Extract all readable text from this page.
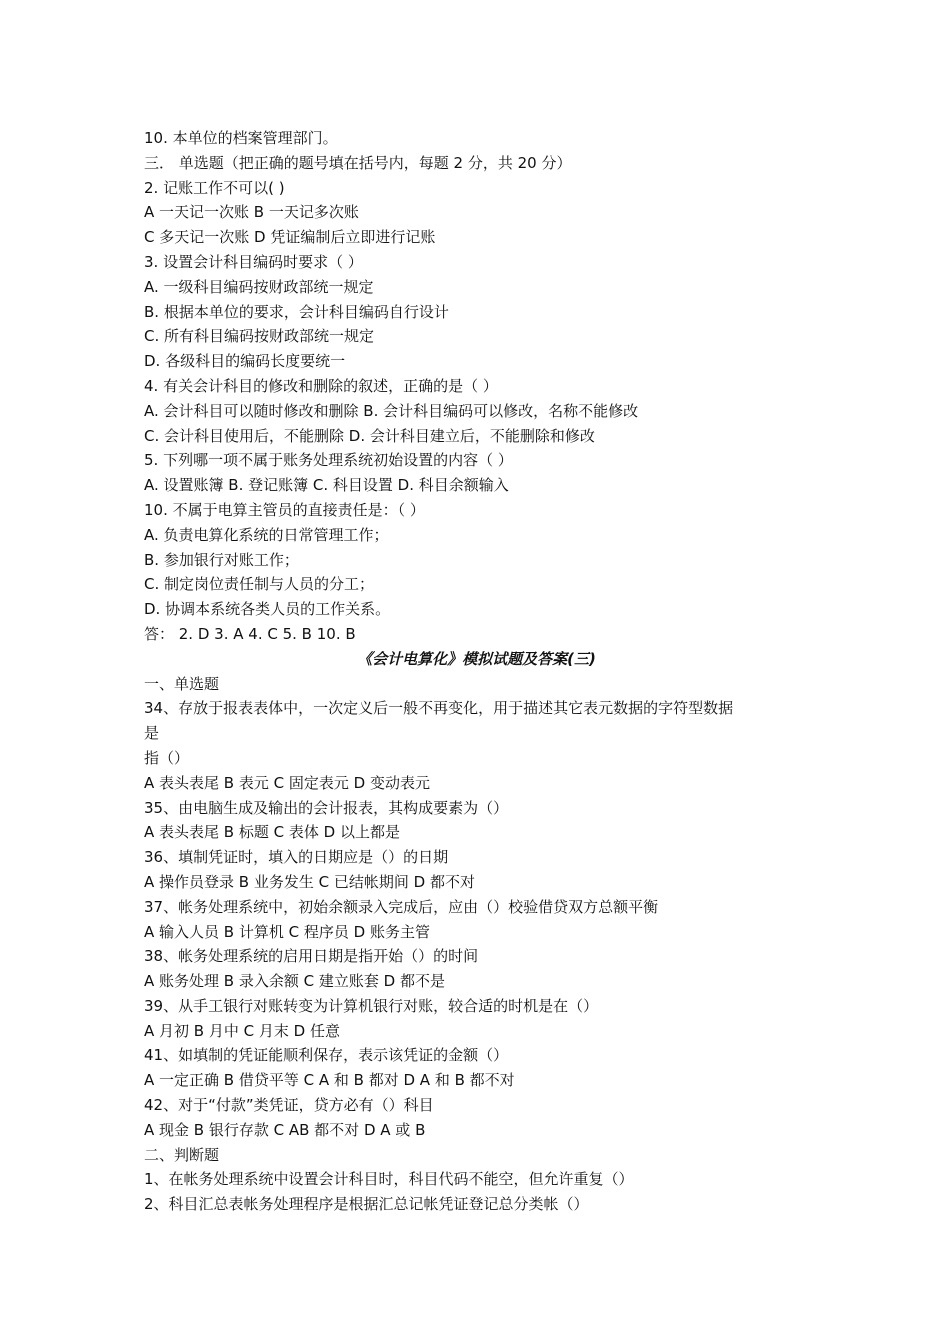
10. 本单位的档案管理部门。
三． 单选题（把正确的题号填在括号内，每题 2 分，共 20 分）
2. 记账工作不可以( )
A 一天记一次账 B 一天记多次账
C 多天记一次账 D 凭证编制后立即进行记账
3. 设置会计科目编码时要求（ ）
A. 一级科目编码按财政部统一规定
B. 根据本单位的要求，会计科目编码自行设计
C. 所有科目编码按财政部统一规定
D. 各级科目的编码长度要统一
4. 有关会计科目的修改和删除的叙述，正确的是（ ）
A. 会计科目可以随时修改和删除 B. 会计科目编码可以修改，名称不能修改
C. 会计科目使用后，不能删除 D. 会计科目建立后，不能删除和修改
5. 下列哪一项不属于账务处理系统初始设置的内容（ ）
A. 设置账簿 B. 登记账簿 C. 科目设置 D. 科目余额输入
10. 不属于电算主管员的直接责任是：（ ）
A. 负责电算化系统的日常管理工作；
B. 参加银行对账工作；
C. 制定岗位责任制与人员的分工；
D. 协调本系统各类人员的工作关系。
答： 2. D 3. A 4. C 5. B 10. B
《会计电算化》模拟试题及答案(三)
一、单选题
34、存放于报表表体中，一次定义后一般不再变化，用于描述其它表元数据的字符型数据
是
指（）
A 表头表尾 B 表元 C 固定表元 D 变动表元
35、由电脑生成及输出的会计报表，其构成要素为（）
A 表头表尾 B 标题 C 表体 D 以上都是
36、填制凭证时，填入的日期应是（）的日期
A 操作员登录 B 业务发生 C 已结帐期间 D 都不对
37、帐务处理系统中，初始余额录入完成后，应由（）校验借贷双方总额平衡
A 输入人员 B 计算机 C 程序员 D 账务主管
38、帐务处理系统的启用日期是指开始（）的时间
A 账务处理 B 录入余额 C 建立账套 D 都不是
39、从手工银行对账转变为计算机银行对账，较合适的时机是在（）
A 月初 B 月中 C 月末 D 任意
41、如填制的凭证能顺利保存，表示该凭证的金额（）
A 一定正确 B 借贷平等 C A 和 B 都对 D A 和 B 都不对
42、对于“付款”类凭证，贷方必有（）科目
A 现金 B 银行存款 C AB 都不对 D A 或 B
二、判断题
1、在帐务处理系统中设置会计科目时，科目代码不能空，但允许重复（）
2、科目汇总表帐务处理程序是根据汇总记帐凭证登记总分类帐（）
